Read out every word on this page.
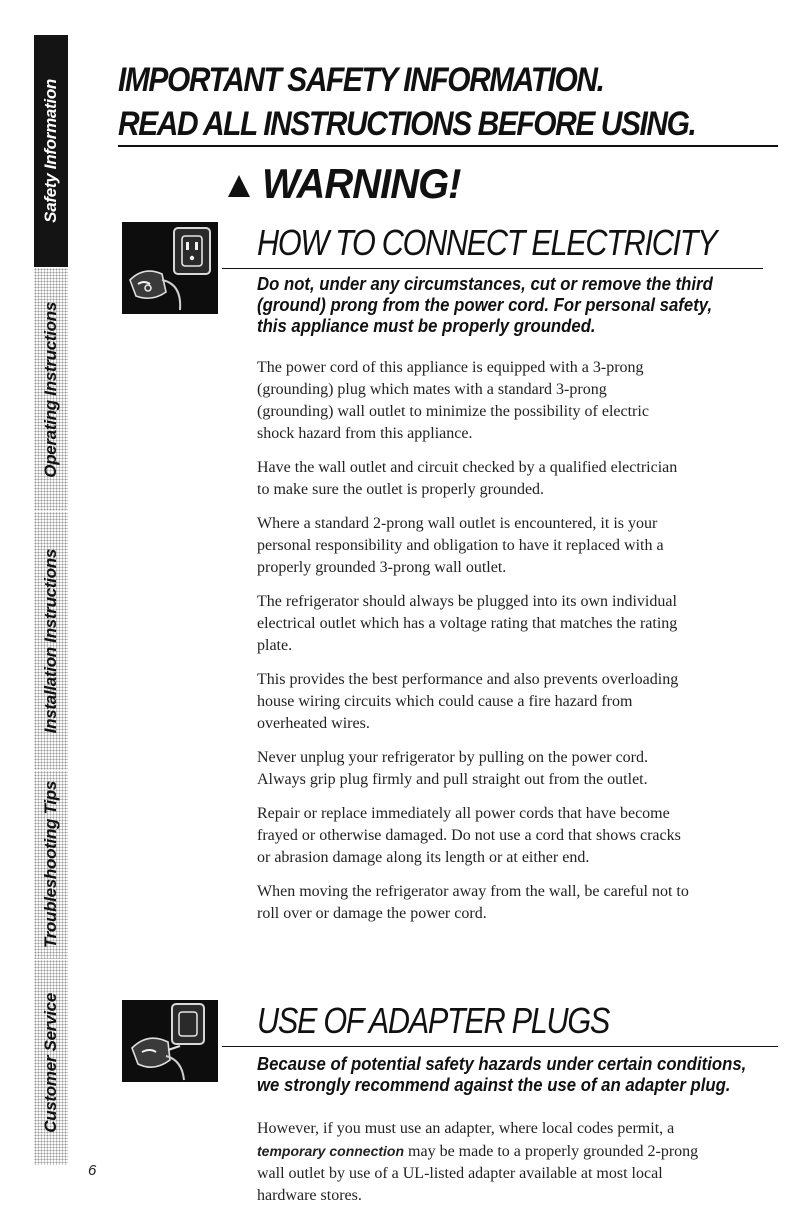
Safety Information
Operating Instructions
Installation Instructions
Troubleshooting Tips
Customer Service
6
IMPORTANT SAFETY INFORMATION.
READ ALL INSTRUCTIONS BEFORE USING.
WARNING!
HOW TO CONNECT ELECTRICITY
Do not, under any circumstances, cut or remove the third
(ground) prong from the power cord. For personal safety,
this appliance must be properly grounded.

The power cord of this appliance is equipped with a 3-prong
(grounding) plug which mates with a standard 3-prong
(grounding) wall outlet to minimize the possibility of electric
shock hazard from this appliance.

Have the wall outlet and circuit checked by a qualified electrician
to make sure the outlet is properly grounded.

Where a standard 2-prong wall outlet is encountered, it is your
personal responsibility and obligation to have it replaced with a
properly grounded 3-prong wall outlet.

The refrigerator should always be plugged into its own individual
electrical outlet which has a voltage rating that matches the rating
plate.

This provides the best performance and also prevents overloading
house wiring circuits which could cause a fire hazard from
overheated wires.

Never unplug your refrigerator by pulling on the power cord.
Always grip plug firmly and pull straight out from the outlet.

Repair or replace immediately all power cords that have become
frayed or otherwise damaged. Do not use a cord that shows cracks
or abrasion damage along its length or at either end.

When moving the refrigerator away from the wall, be careful not to
roll over or damage the power cord.

USE OF ADAPTER PLUGS
Because of potential safety hazards under certain conditions,
we strongly recommend against the use of an adapter plug.

However, if you must use an adapter, where local codes permit, a
temporary connection may be made to a properly grounded 2-prong
wall outlet by use of a UL-listed adapter available at most local
hardware stores.
